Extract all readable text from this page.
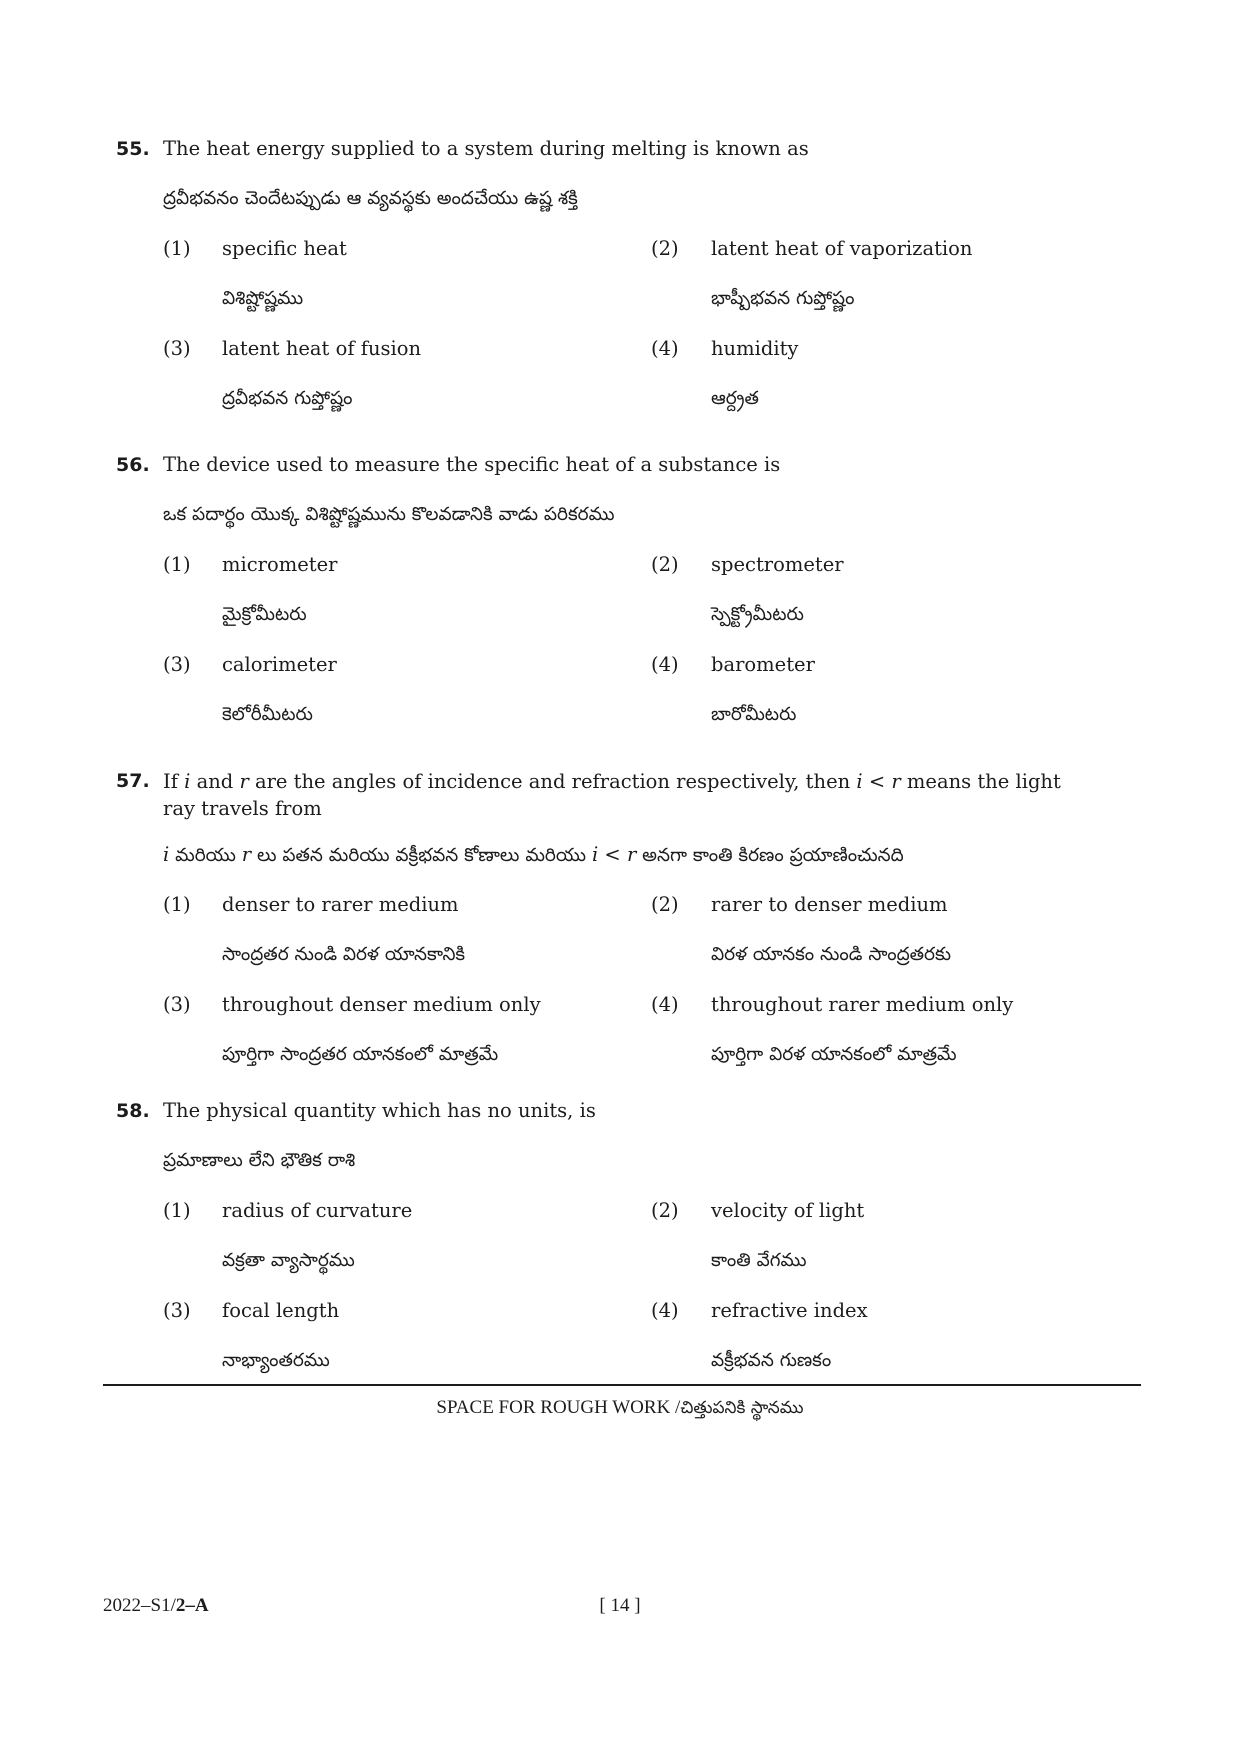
55. The heat energy supplied to a system during melting is known as
ద్రవీభవనం చెందేటప్పుడు ఆ వ్యవస్థకు అందచేయు ఉష్ణ శక్తి
(1) specific heat
విశిష్టోష్ణము
(2) latent heat of vaporization
భాష్పీభవన గుప్తోష్ణం
(3) latent heat of fusion
ద్రవీభవన గుప్తోష్ణం
(4) humidity
ఆర్ద్రత
56. The device used to measure the specific heat of a substance is
ఒక పదార్థం యొక్క విశిష్టోష్ణమును కొలవడానికి వాడు పరికరము
(1) micrometer
మైక్రోమీటరు
(2) spectrometer
స్పెక్ట్రోమీటరు
(3) calorimeter
కెలోరీమీటరు
(4) barometer
బారోమీటరు
57. If i and r are the angles of incidence and refraction respectively, then i < r means the light
ray travels from
i మరియు r లు పతన మరియు వక్రీభవన కోణాలు మరియు i < r అనగా కాంతి కిరణం ప్రయాణించునది
(1) denser to rarer medium
సాంద్రతర నుండి విరళ యానకానికి
(2) rarer to denser medium
విరళ యానకం నుండి సాంద్రతరకు
(3) throughout denser medium only
పూర్తిగా సాంద్రతర యానకంలో మాత్రమే
(4) throughout rarer medium only
పూర్తిగా విరళ యానకంలో మాత్రమే
58. The physical quantity which has no units, is
ప్రమాణాలు లేని భౌతిక రాశి
(1) radius of curvature
వక్రతా వ్యాసార్థము
(2) velocity of light
కాంతి వేగము
(3) focal length
నాభ్యాంతరము
(4) refractive index
వక్రీభవన గుణకం
SPACE FOR ROUGH WORK /చిత్తుపనికి స్థానము
2022–S1/2–A	[ 14 ]
